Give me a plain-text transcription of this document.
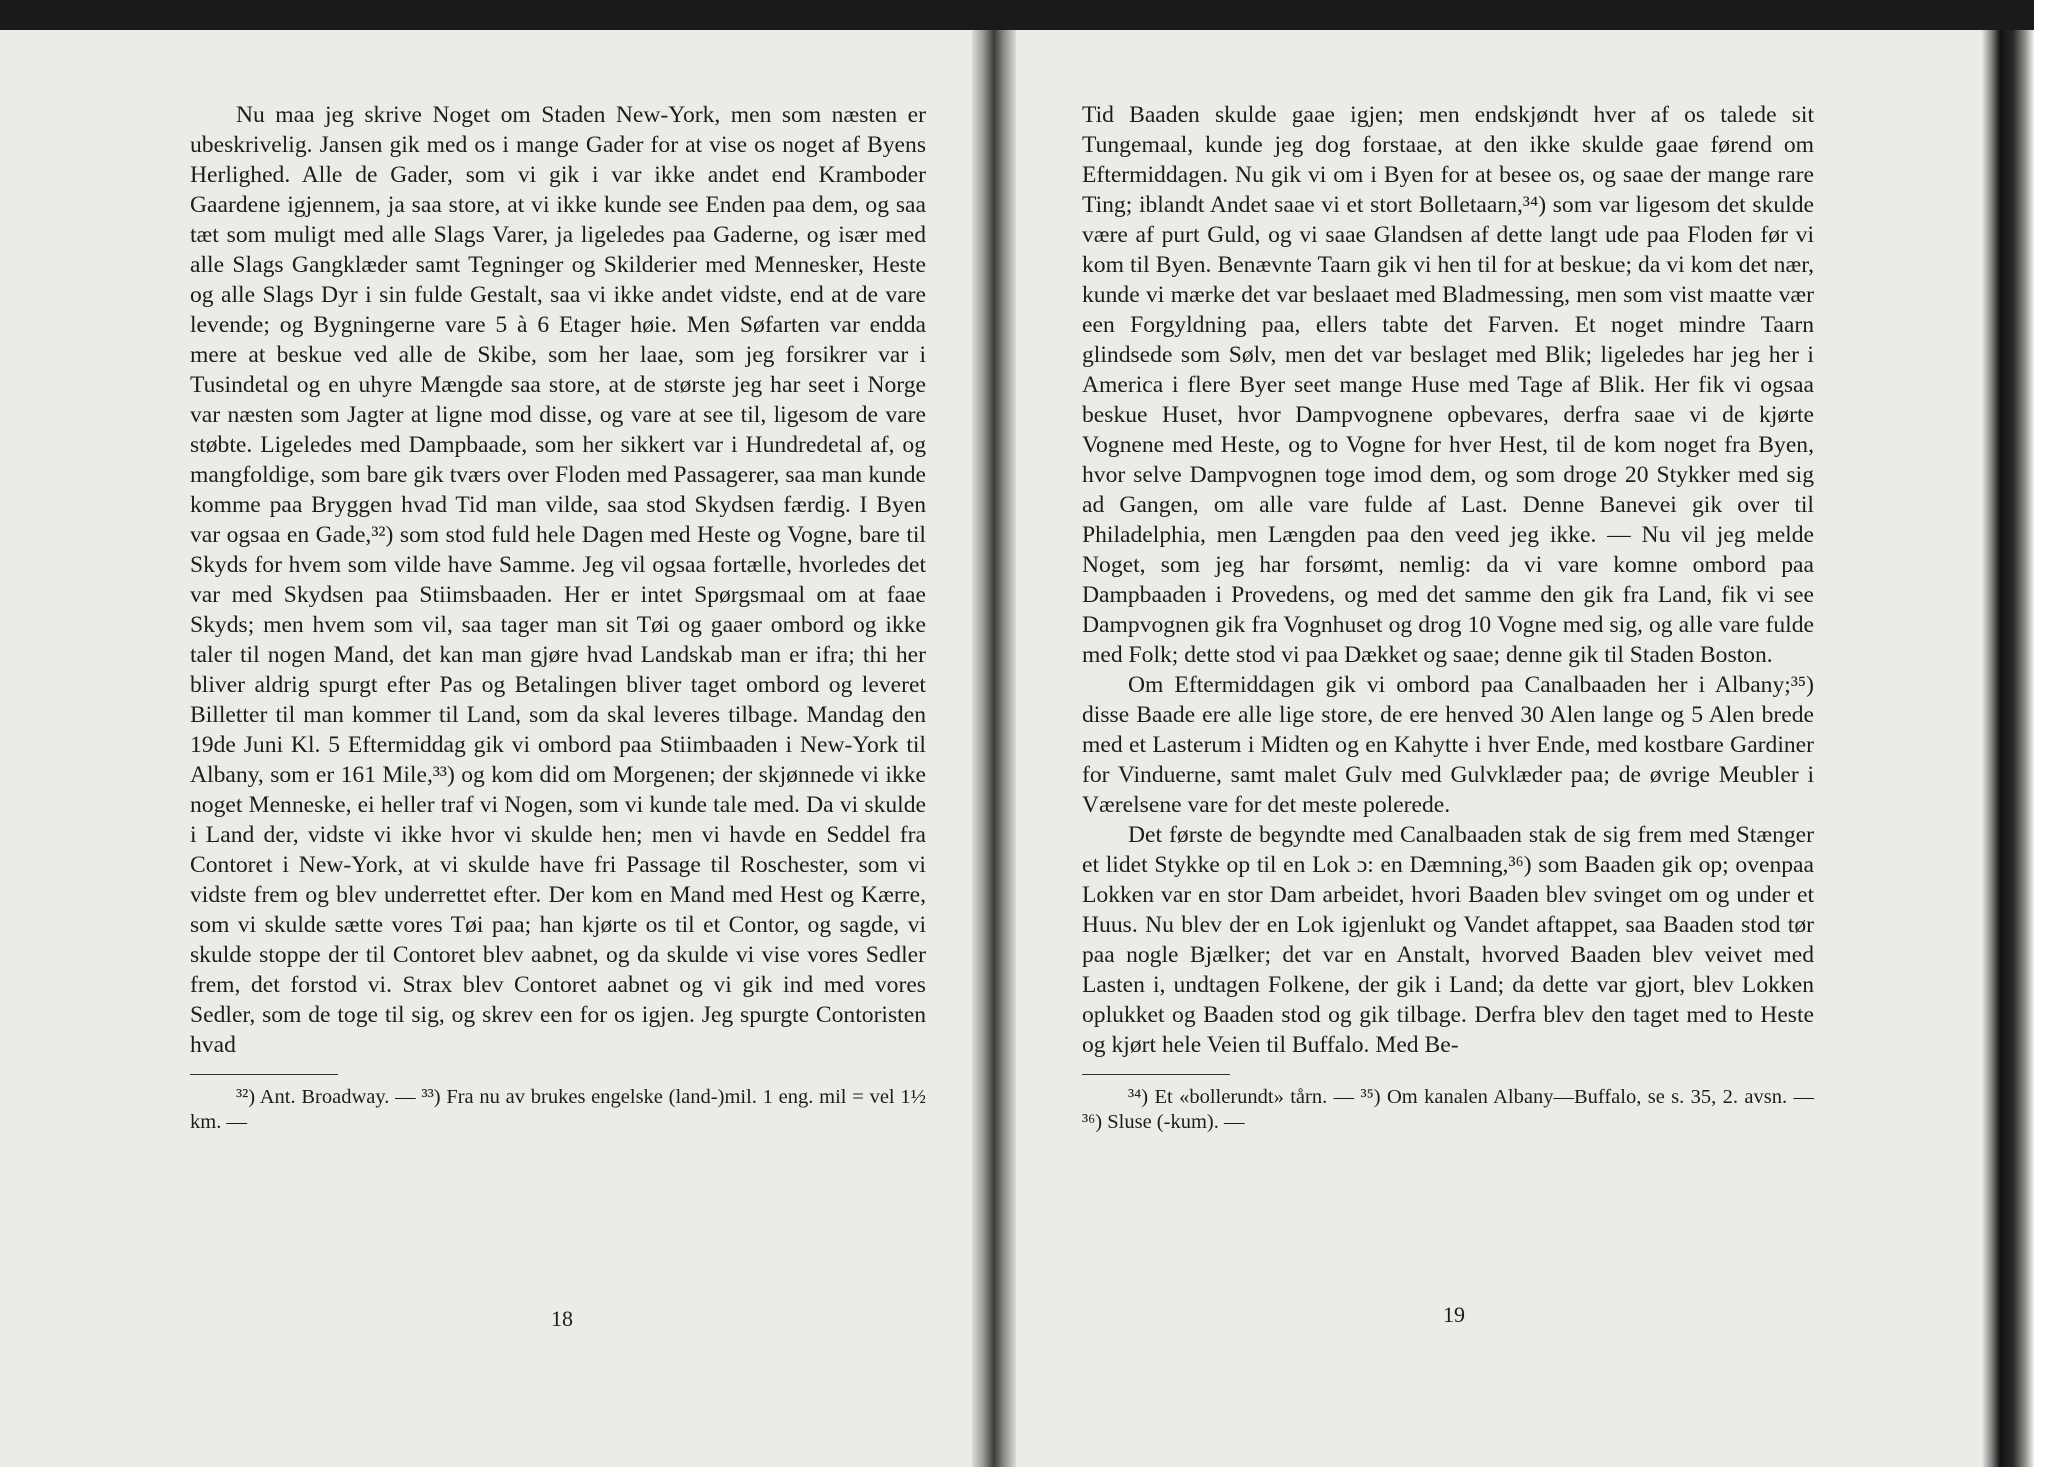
Nu maa jeg skrive Noget om Staden New-York, men som næsten er ubeskrivelig. Jansen gik med os i mange Gader for at vise os noget af Byens Herlighed. Alle de Gader, som vi gik i var ikke andet end Kramboder Gaardene igjennem, ja saa store, at vi ikke kunde see Enden paa dem, og saa tæt som muligt med alle Slags Varer, ja ligeledes paa Gaderne, og især med alle Slags Gangklæder samt Tegninger og Skilderier med Mennesker, Heste og alle Slags Dyr i sin fulde Gestalt, saa vi ikke andet vidste, end at de vare levende; og Bygningerne vare 5 à 6 Etager høie. Men Søfarten var endda mere at beskue ved alle de Skibe, som her laae, som jeg forsikrer var i Tusindetal og en uhyre Mængde saa store, at de største jeg har seet i Norge var næsten som Jagter at ligne mod disse, og vare at see til, ligesom de vare støbte. Ligeledes med Dampbaade, som her sikkert var i Hundredetal af, og mangfoldige, som bare gik tværs over Floden med Passagerer, saa man kunde komme paa Bryggen hvad Tid man vilde, saa stod Skydsen færdig. I Byen var ogsaa en Gade,³²) som stod fuld hele Dagen med Heste og Vogne, bare til Skyds for hvem som vilde have Samme. Jeg vil ogsaa fortælle, hvorledes det var med Skydsen paa Stiimsbaaden. Her er intet Spørgsmaal om at faae Skyds; men hvem som vil, saa tager man sit Tøi og gaaer ombord og ikke taler til nogen Mand, det kan man gjøre hvad Landskab man er ifra; thi her bliver aldrig spurgt efter Pas og Betalingen bliver taget ombord og leveret Billetter til man kommer til Land, som da skal leveres tilbage. Mandag den 19de Juni Kl. 5 Eftermiddag gik vi ombord paa Stiimbaaden i New-York til Albany, som er 161 Mile,³³) og kom did om Morgenen; der skjønnede vi ikke noget Menneske, ei heller traf vi Nogen, som vi kunde tale med. Da vi skulde i Land der, vidste vi ikke hvor vi skulde hen; men vi havde en Seddel fra Contoret i New-York, at vi skulde have fri Passage til Roschester, som vi vidste frem og blev underrettet efter. Der kom en Mand med Hest og Kærre, som vi skulde sætte vores Tøi paa; han kjørte os til et Contor, og sagde, vi skulde stoppe der til Contoret blev aabnet, og da skulde vi vise vores Sedler frem, det forstod vi. Strax blev Contoret aabnet og vi gik ind med vores Sedler, som de toge til sig, og skrev een for os igjen. Jeg spurgte Contoristen hvad

³²) Ant. Broadway. — ³³) Fra nu av brukes engelske (land-)mil. 1 eng. mil = vel 1½ km. —

18

Tid Baaden skulde gaae igjen; men endskjøndt hver af os talede sit Tungemaal, kunde jeg dog forstaae, at den ikke skulde gaae førend om Eftermiddagen. Nu gik vi om i Byen for at besee os, og saae der mange rare Ting; iblandt Andet saae vi et stort Bolletaarn,³⁴) som var ligesom det skulde være af purt Guld, og vi saae Glandsen af dette langt ude paa Floden før vi kom til Byen. Benævnte Taarn gik vi hen til for at beskue; da vi kom det nær, kunde vi mærke det var beslaaet med Bladmessing, men som vist maatte vær een Forgyldning paa, ellers tabte det Farven. Et noget mindre Taarn glindsede som Sølv, men det var beslaget med Blik; ligeledes har jeg her i America i flere Byer seet mange Huse med Tage af Blik. Her fik vi ogsaa beskue Huset, hvor Dampvognene opbevares, derfra saae vi de kjørte Vognene med Heste, og to Vogne for hver Hest, til de kom noget fra Byen, hvor selve Dampvognen toge imod dem, og som droge 20 Stykker med sig ad Gangen, om alle vare fulde af Last. Denne Banevei gik over til Philadelphia, men Længden paa den veed jeg ikke. — Nu vil jeg melde Noget, som jeg har forsømt, nemlig: da vi vare komne ombord paa Dampbaaden i Provedens, og med det samme den gik fra Land, fik vi see Dampvognen gik fra Vognhuset og drog 10 Vogne med sig, og alle vare fulde med Folk; dette stod vi paa Dækket og saae; denne gik til Staden Boston.

Om Eftermiddagen gik vi ombord paa Canalbaaden her i Albany;³⁵) disse Baade ere alle lige store, de ere henved 30 Alen lange og 5 Alen brede med et Lasterum i Midten og en Kahytte i hver Ende, med kostbare Gardiner for Vinduerne, samt malet Gulv med Gulvklæder paa; de øvrige Meubler i Værelsene vare for det meste polerede.

Det første de begyndte med Canalbaaden stak de sig frem med Stænger et lidet Stykke op til en Lok ɔ: en Dæmning,³⁶) som Baaden gik op; ovenpaa Lokken var en stor Dam arbeidet, hvori Baaden blev svinget om og under et Huus. Nu blev der en Lok igjenlukt og Vandet aftappet, saa Baaden stod tør paa nogle Bjælker; det var en Anstalt, hvorved Baaden blev veivet med Lasten i, undtagen Folkene, der gik i Land; da dette var gjort, blev Lokken oplukket og Baaden stod og gik tilbage. Derfra blev den taget med to Heste og kjørt hele Veien til Buffalo. Med Be-

³⁴) Et «bollerundt» tårn. — ³⁵) Om kanalen Albany—Buffalo, se s. 35, 2. avsn. — ³⁶) Sluse (-kum). —

19
